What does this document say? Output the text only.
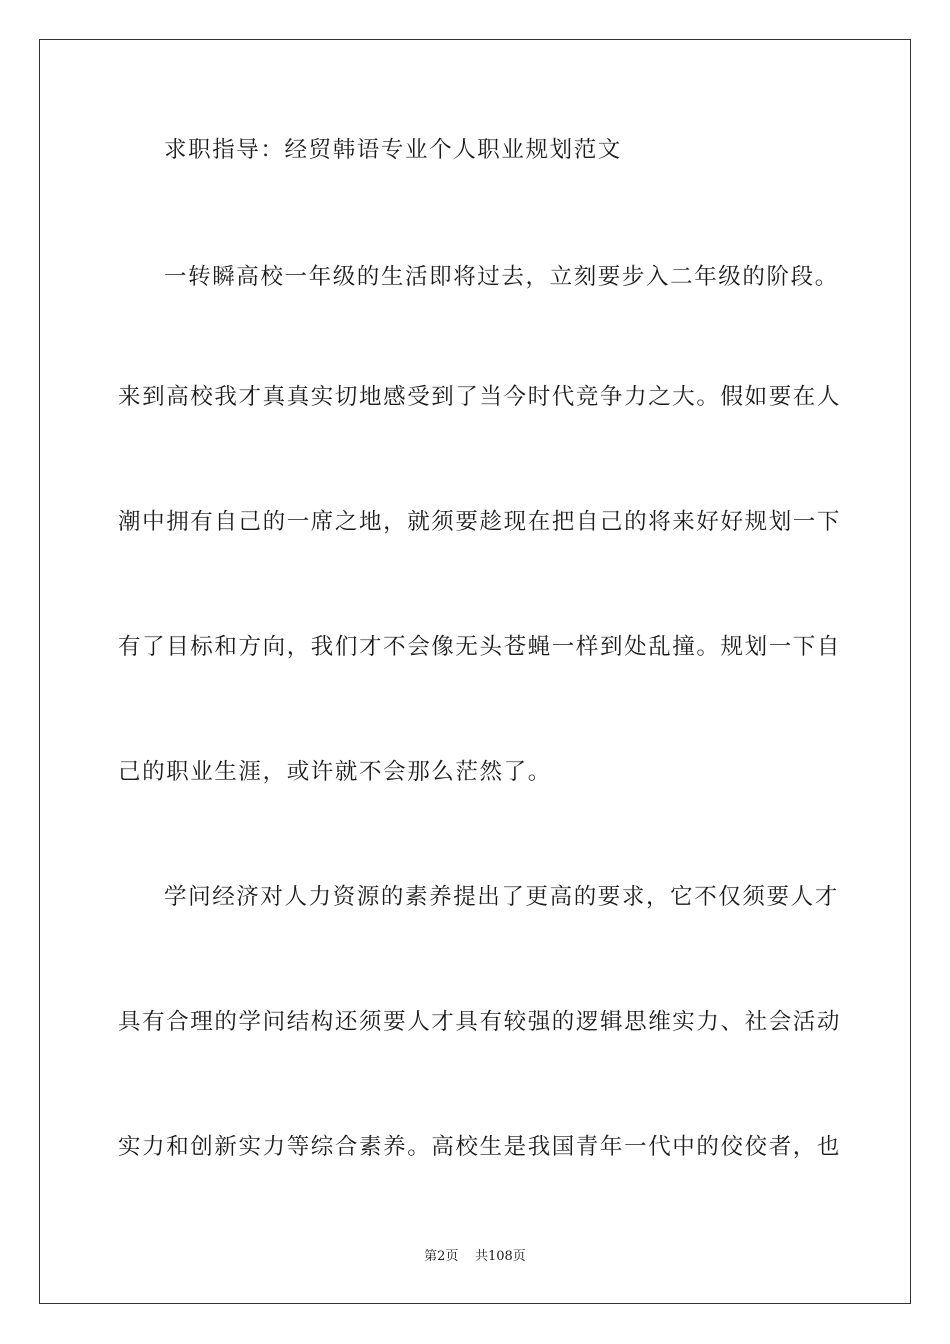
求职指导：经贸韩语专业个人职业规划范文
一转瞬高校一年级的生活即将过去，立刻要步入二年级的阶段。
来到高校我才真真实切地感受到了当今时代竞争力之大。假如要在人
潮中拥有自己的一席之地，就须要趁现在把自己的将来好好规划一下
有了目标和方向，我们才不会像无头苍蝇一样到处乱撞。规划一下自
己的职业生涯，或许就不会那么茫然了。
学问经济对人力资源的素养提出了更高的要求，它不仅须要人才
具有合理的学问结构还须要人才具有较强的逻辑思维实力、社会活动
实力和创新实力等综合素养。高校生是我国青年一代中的佼佼者，也
第2页 共108页
